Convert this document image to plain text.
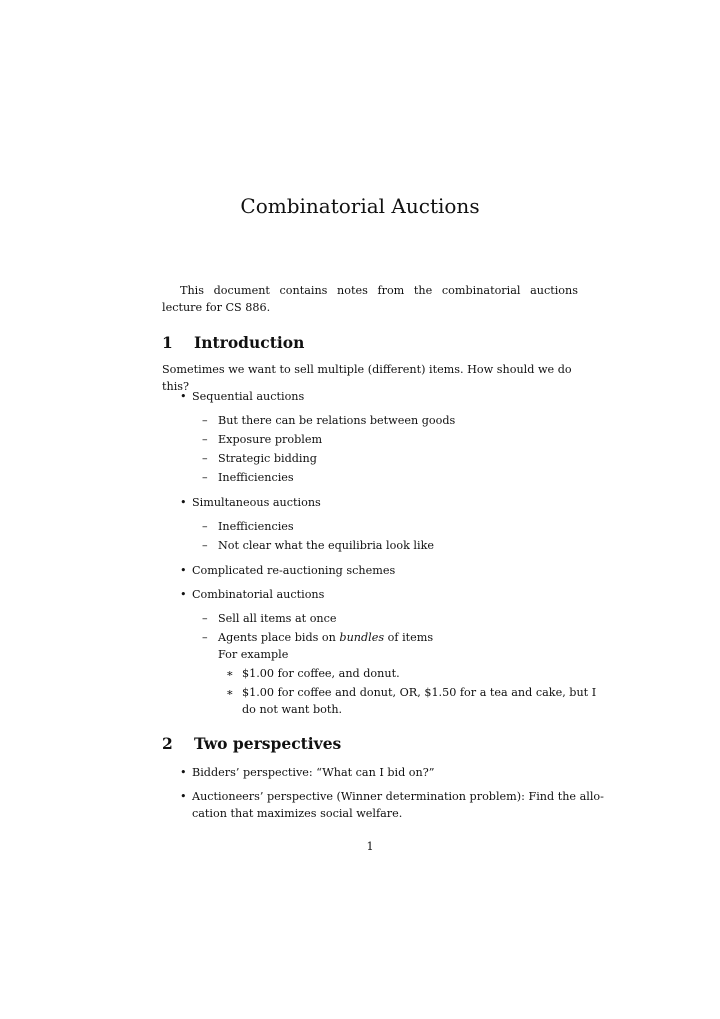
Combinatorial Auctions

This document contains notes from the combinatorial auctions lecture for CS 886.

1 Introduction

Sometimes we want to sell multiple (different) items. How should we do this?

• Sequential auctions
– But there can be relations between goods
– Exposure problem
– Strategic bidding
– Inefficiencies
• Simultaneous auctions
– Inefficiencies
– Not clear what the equilibria look like
• Complicated re-auctioning schemes
• Combinatorial auctions
– Sell all items at once
– Agents place bids on bundles of items
For example
∗ $1.00 for coffee, and donut.
∗ $1.00 for coffee and donut, OR, $1.50 for a tea and cake, but I
do not want both.
2 Two perspectives
• Bidders’ perspective: “What can I bid on?”
• Auctioneers’ perspective (Winner determination problem): Find the allo-
cation that maximizes social welfare.

1
